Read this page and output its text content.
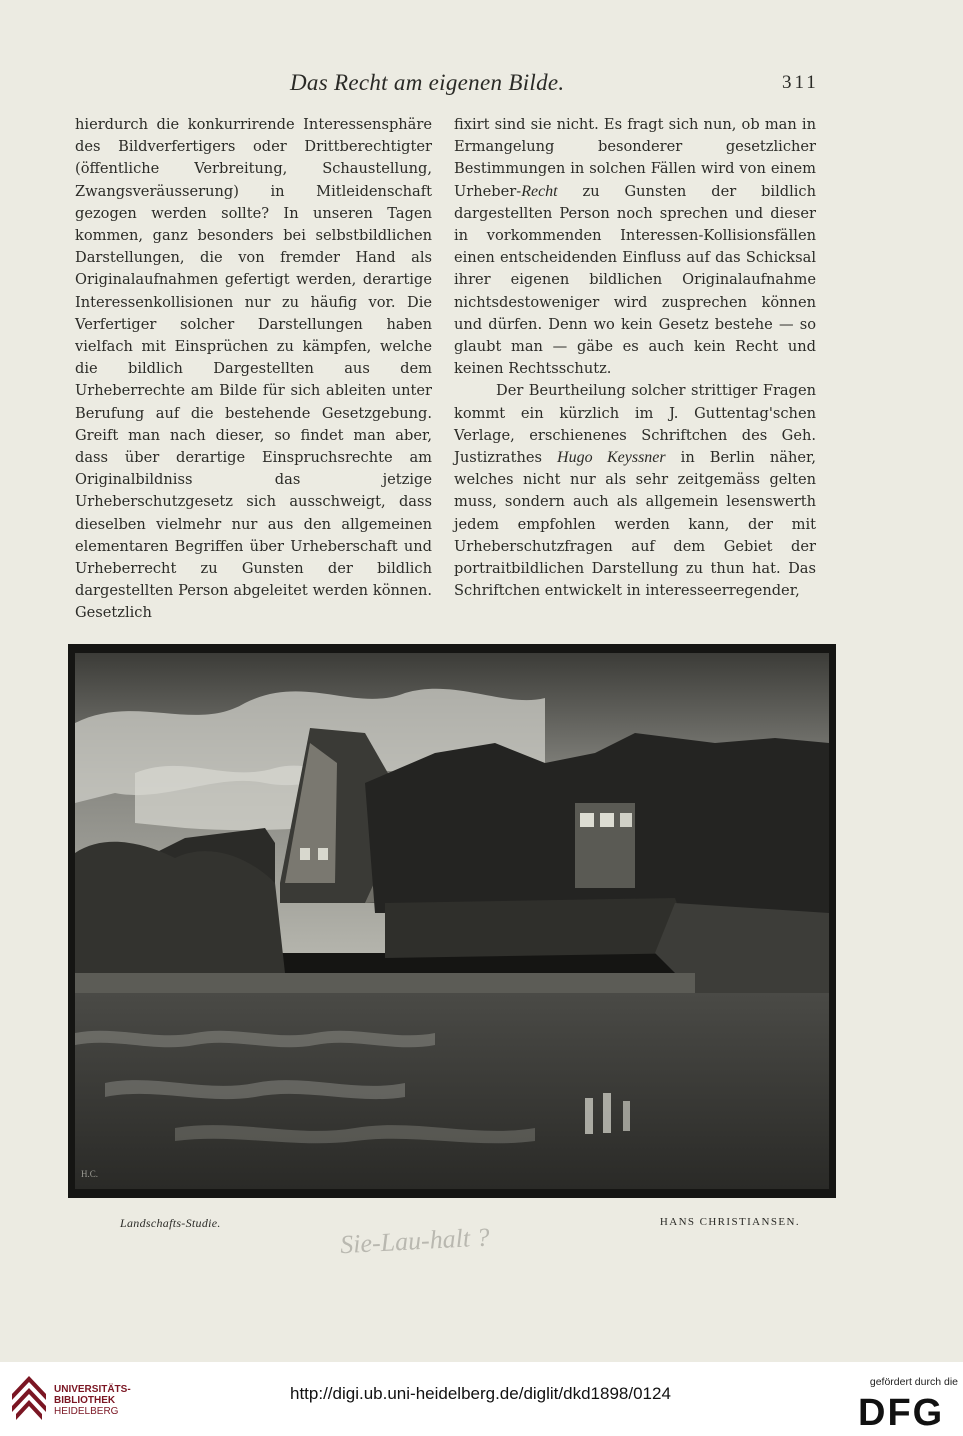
Das Recht am eigenen Bilde.	311

hierdurch die konkurrirende Interessensphäre des Bildverfertigers oder Drittberechtigter (öffentliche Verbreitung, Schaustellung, Zwangsveräusserung) in Mitleidenschaft gezogen werden sollte? In unseren Tagen kommen, ganz besonders bei selbstbildlichen Darstellungen, die von fremder Hand als Originalaufnahmen gefertigt werden, derartige Interessenkollisionen nur zu häufig vor. Die Verfertiger solcher Darstellungen haben vielfach mit Einsprüchen zu kämpfen, welche die bildlich Dargestellten aus dem Urheberrechte am Bilde für sich ableiten unter Berufung auf die bestehende Gesetzgebung. Greift man nach dieser, so findet man aber, dass über derartige Einspruchsrechte am Originalbildniss das jetzige Urheberschutzgesetz sich ausschweigt, dass dieselben vielmehr nur aus den allgemeinen elementaren Begriffen über Urheberschaft und Urheberrecht zu Gunsten der bildlich dargestellten Person abgeleitet werden können. Gesetzlich

fixirt sind sie nicht. Es fragt sich nun, ob man in Ermangelung besonderer gesetzlicher Bestimmungen in solchen Fällen wird von einem Urheber-Recht zu Gunsten der bildlich dargestellten Person noch sprechen und dieser in vorkommenden Interessen-Kollisionsfällen einen entscheidenden Einfluss auf das Schicksal ihrer eigenen bildlichen Originalaufnahme nichtsdestoweniger wird zusprechen können und dürfen. Denn wo kein Gesetz bestehe — so glaubt man — gäbe es auch kein Recht und keinen Rechtsschutz.

Der Beurtheilung solcher strittiger Fragen kommt ein kürzlich im J. Guttentag'schen Verlage, erschienenes Schriftchen des Geh. Justizrathes Hugo Keyssner in Berlin näher, welches nicht nur als sehr zeitgemäss gelten muss, sondern auch als allgemein lesenswerth jedem empfohlen werden kann, der mit Urheberschutzfragen auf dem Gebiet der portraitbildlichen Darstellung zu thun hat. Das Schriftchen entwickelt in interesseerregender,

H.C.
Landschafts-Studie.	Sie-Lau-halt ?
HANS CHRISTIANSEN.
UNIVERSITÄTS-
BIBLIOTHEK
HEIDELBERG
http://digi.ub.uni-heidelberg.de/diglit/dkd1898/0124
gefördert durch die
DFG
